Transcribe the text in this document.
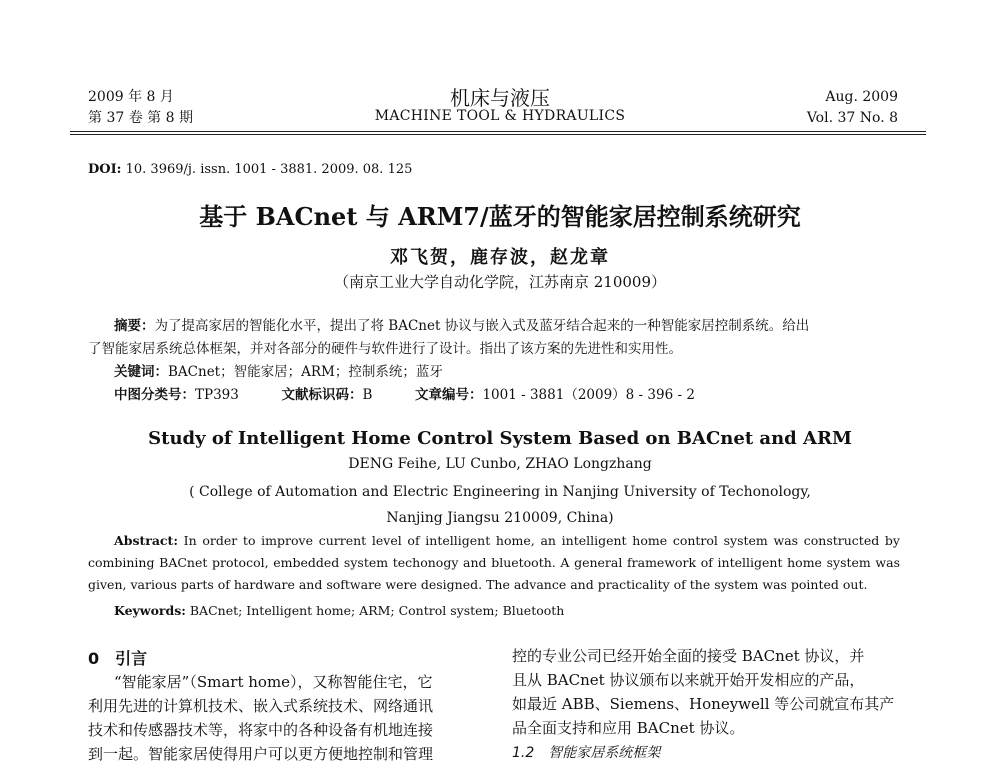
2009 年 8 月
第 37 卷 第 8 期
机床与液压
MACHINE TOOL & HYDRAULICS
Aug. 2009
Vol. 37 No. 8
DOI: 10. 3969/j. issn. 1001 - 3881. 2009. 08. 125
基于 BACnet 与 ARM7/蓝牙的智能家居控制系统研究
邓飞贺，鹿存波，赵龙章
（南京工业大学自动化学院，江苏南京 210009）
摘要：为了提高家居的智能化水平，提出了将 BACnet 协议与嵌入式及蓝牙结合起来的一种智能家居控制系统。给出
了智能家居系统总体框架，并对各部分的硬件与软件进行了设计。指出了该方案的先进性和实用性。
关键词：BACnet；智能家居；ARM；控制系统；蓝牙
中图分类号：TP393	文献标识码：B	文章编号：1001 - 3881（2009）8 - 396 - 2
Study of Intelligent Home Control System Based on BACnet and ARM
DENG Feihe, LU Cunbo, ZHAO Longzhang
( College of Automation and Electric Engineering in Nanjing University of Techonology,
Nanjing Jiangsu 210009, China)
Abstract: In order to improve current level of intelligent home, an intelligent home control system was constructed by combining BACnet protocol, embedded system techonogy and bluetooth. A general framework of intelligent home system was given, various parts of hardware and software were designed. The advance and practicality of the system was pointed out.
Keywords: BACnet; Intelligent home; ARM; Control system; Bluetooth
0　引言
“智能家居”（Smart home），又称智能住宅，它
利用先进的计算机技术、嵌入式系统技术、网络通讯
技术和传感器技术等，将家中的各种设备有机地连接
到一起。智能家居使得用户可以更方便地控制和管理
控的专业公司已经开始全面的接受 BACnet 协议，并
且从 BACnet 协议颁布以来就开始开发相应的产品，
如最近 ABB、Siemens、Honeywell 等公司就宣布其产
品全面支持和应用 BACnet 协议。
1.2　智能家居系统框架
